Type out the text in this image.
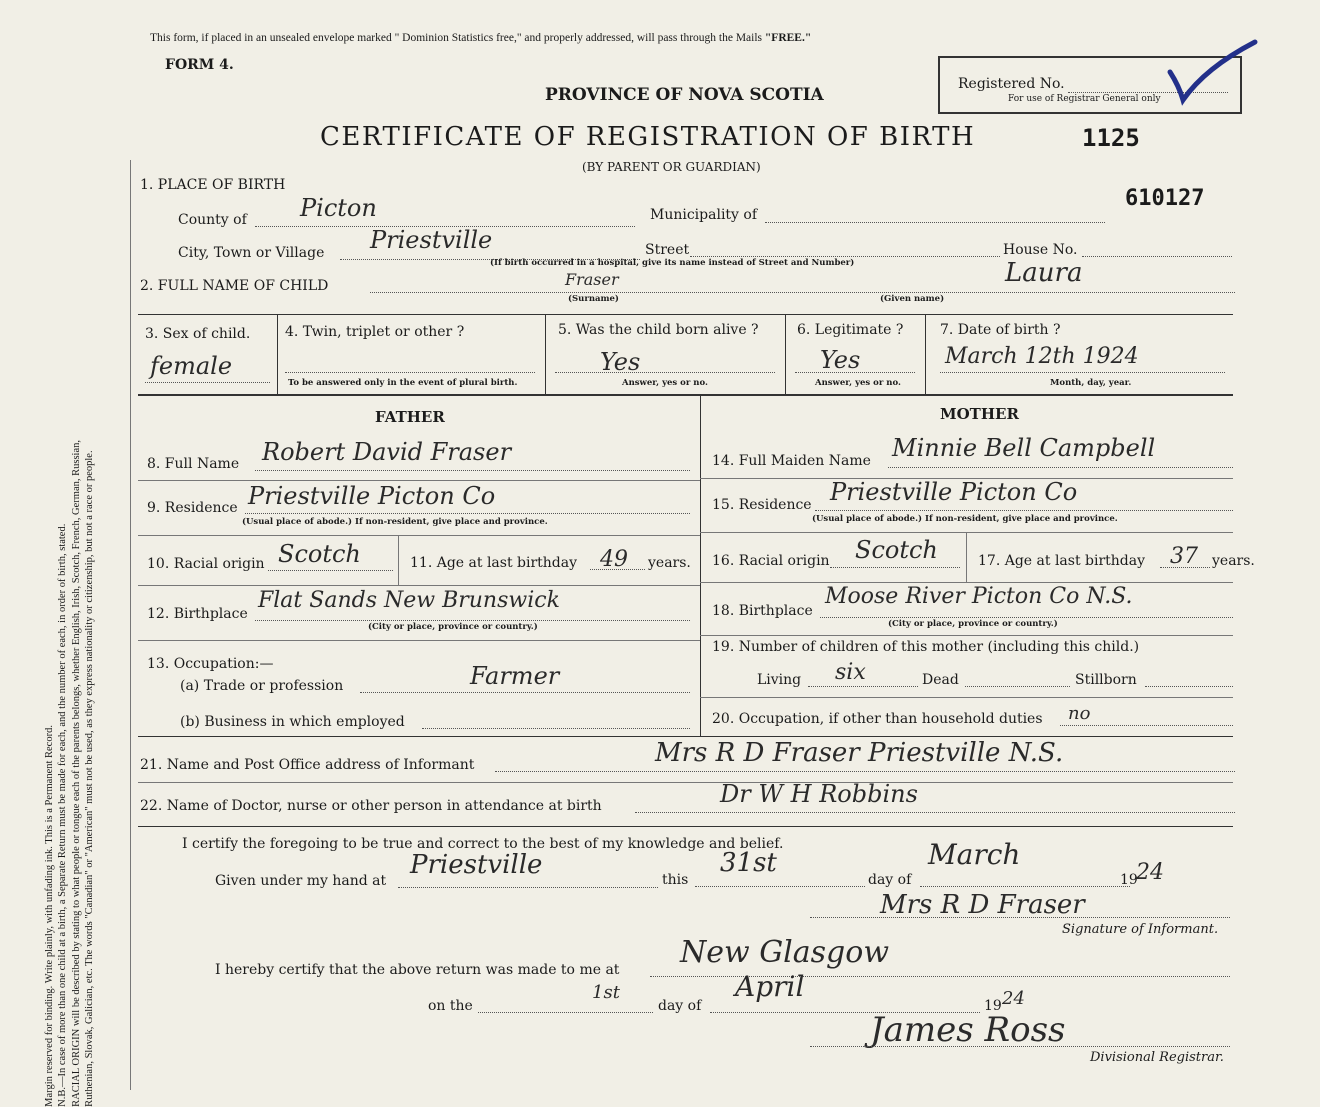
Margin reserved for binding. Write plainly, with unfading ink. This is a Permanent Record. N.B.—In case of more than one child at a birth, a Separate Return must be made for each, and the number of each, in order of birth, stated. RACIAL ORIGIN will be described by stating to what people or tongue each of the parents belongs, whether English, Irish, Scotch, French, German, Russian, Ruthenian, Slovak, Galician, etc. The words "Canadian" or "American" must not be used, as they express nationality or citizenship, but not a race or people.
This form, if placed in an unsealed envelope marked " Dominion Statistics free," and properly addressed, will pass through the Mails "FREE."
FORM 4.
PROVINCE OF NOVA SCOTIA
Registered No.
For use of Registrar General only
CERTIFICATE OF REGISTRATION OF BIRTH	1125
(BY PARENT OR GUARDIAN)
610127
1. PLACE OF BIRTH
County of Picton	Municipality of
City, Town or Village Priestville	Street	House No.
(If birth occurred in a hospital, give its name instead of Street and Number)
2. FULL NAME OF CHILD	Fraser
(Surname)
Laura
(Given name)
3. Sex of child.
female
4. Twin, triplet or other ?
To be answered only in the event of plural birth.
5. Was the child born alive ?
Yes
Answer, yes or no.
6. Legitimate ?
Yes
Answer, yes or no.
7. Date of birth ?
March 12th 1924
Month, day, year.
FATHER	MOTHER
8. Full Name Robert David Fraser
9. Residence Priestville Picton Co
(Usual place of abode.) If non-resident, give place and province.
10. Racial origin Scotch	11. Age at last birthday 49 years.
12. Birthplace
Flat Sands New Brunswick
(City or place, province or country.)
13. Occupation:—
(a) Trade or profession	Farmer
(b) Business in which employed
14. Full Maiden Name Minnie Bell Campbell
15. Residence Priestville Picton Co
(Usual place of abode.) If non-resident, give place and province.
16. Racial origin Scotch	17. Age at last birthday 37 years.
18. Birthplace
Moose River Picton Co N.S.
(City or place, province or country.)
19. Number of children of this mother (including this child.)
Living six	Dead	Stillborn
20. Occupation, if other than household duties no
21. Name and Post Office address of Informant	Mrs R D Fraser Priestville N.S.
22. Name of Doctor, nurse or other person in attendance at birth	Dr W H Robbins
I certify the foregoing to be true and correct to the best of my knowledge and belief.
Given under my hand at
Priestville	this
31st
day of
March
19
24
Mrs R D Fraser
Signature of Informant.
I hereby certify that the above return was made to me at New Glasgow
on the
1st
day of
April
19 24
James Ross
Divisional Registrar.
